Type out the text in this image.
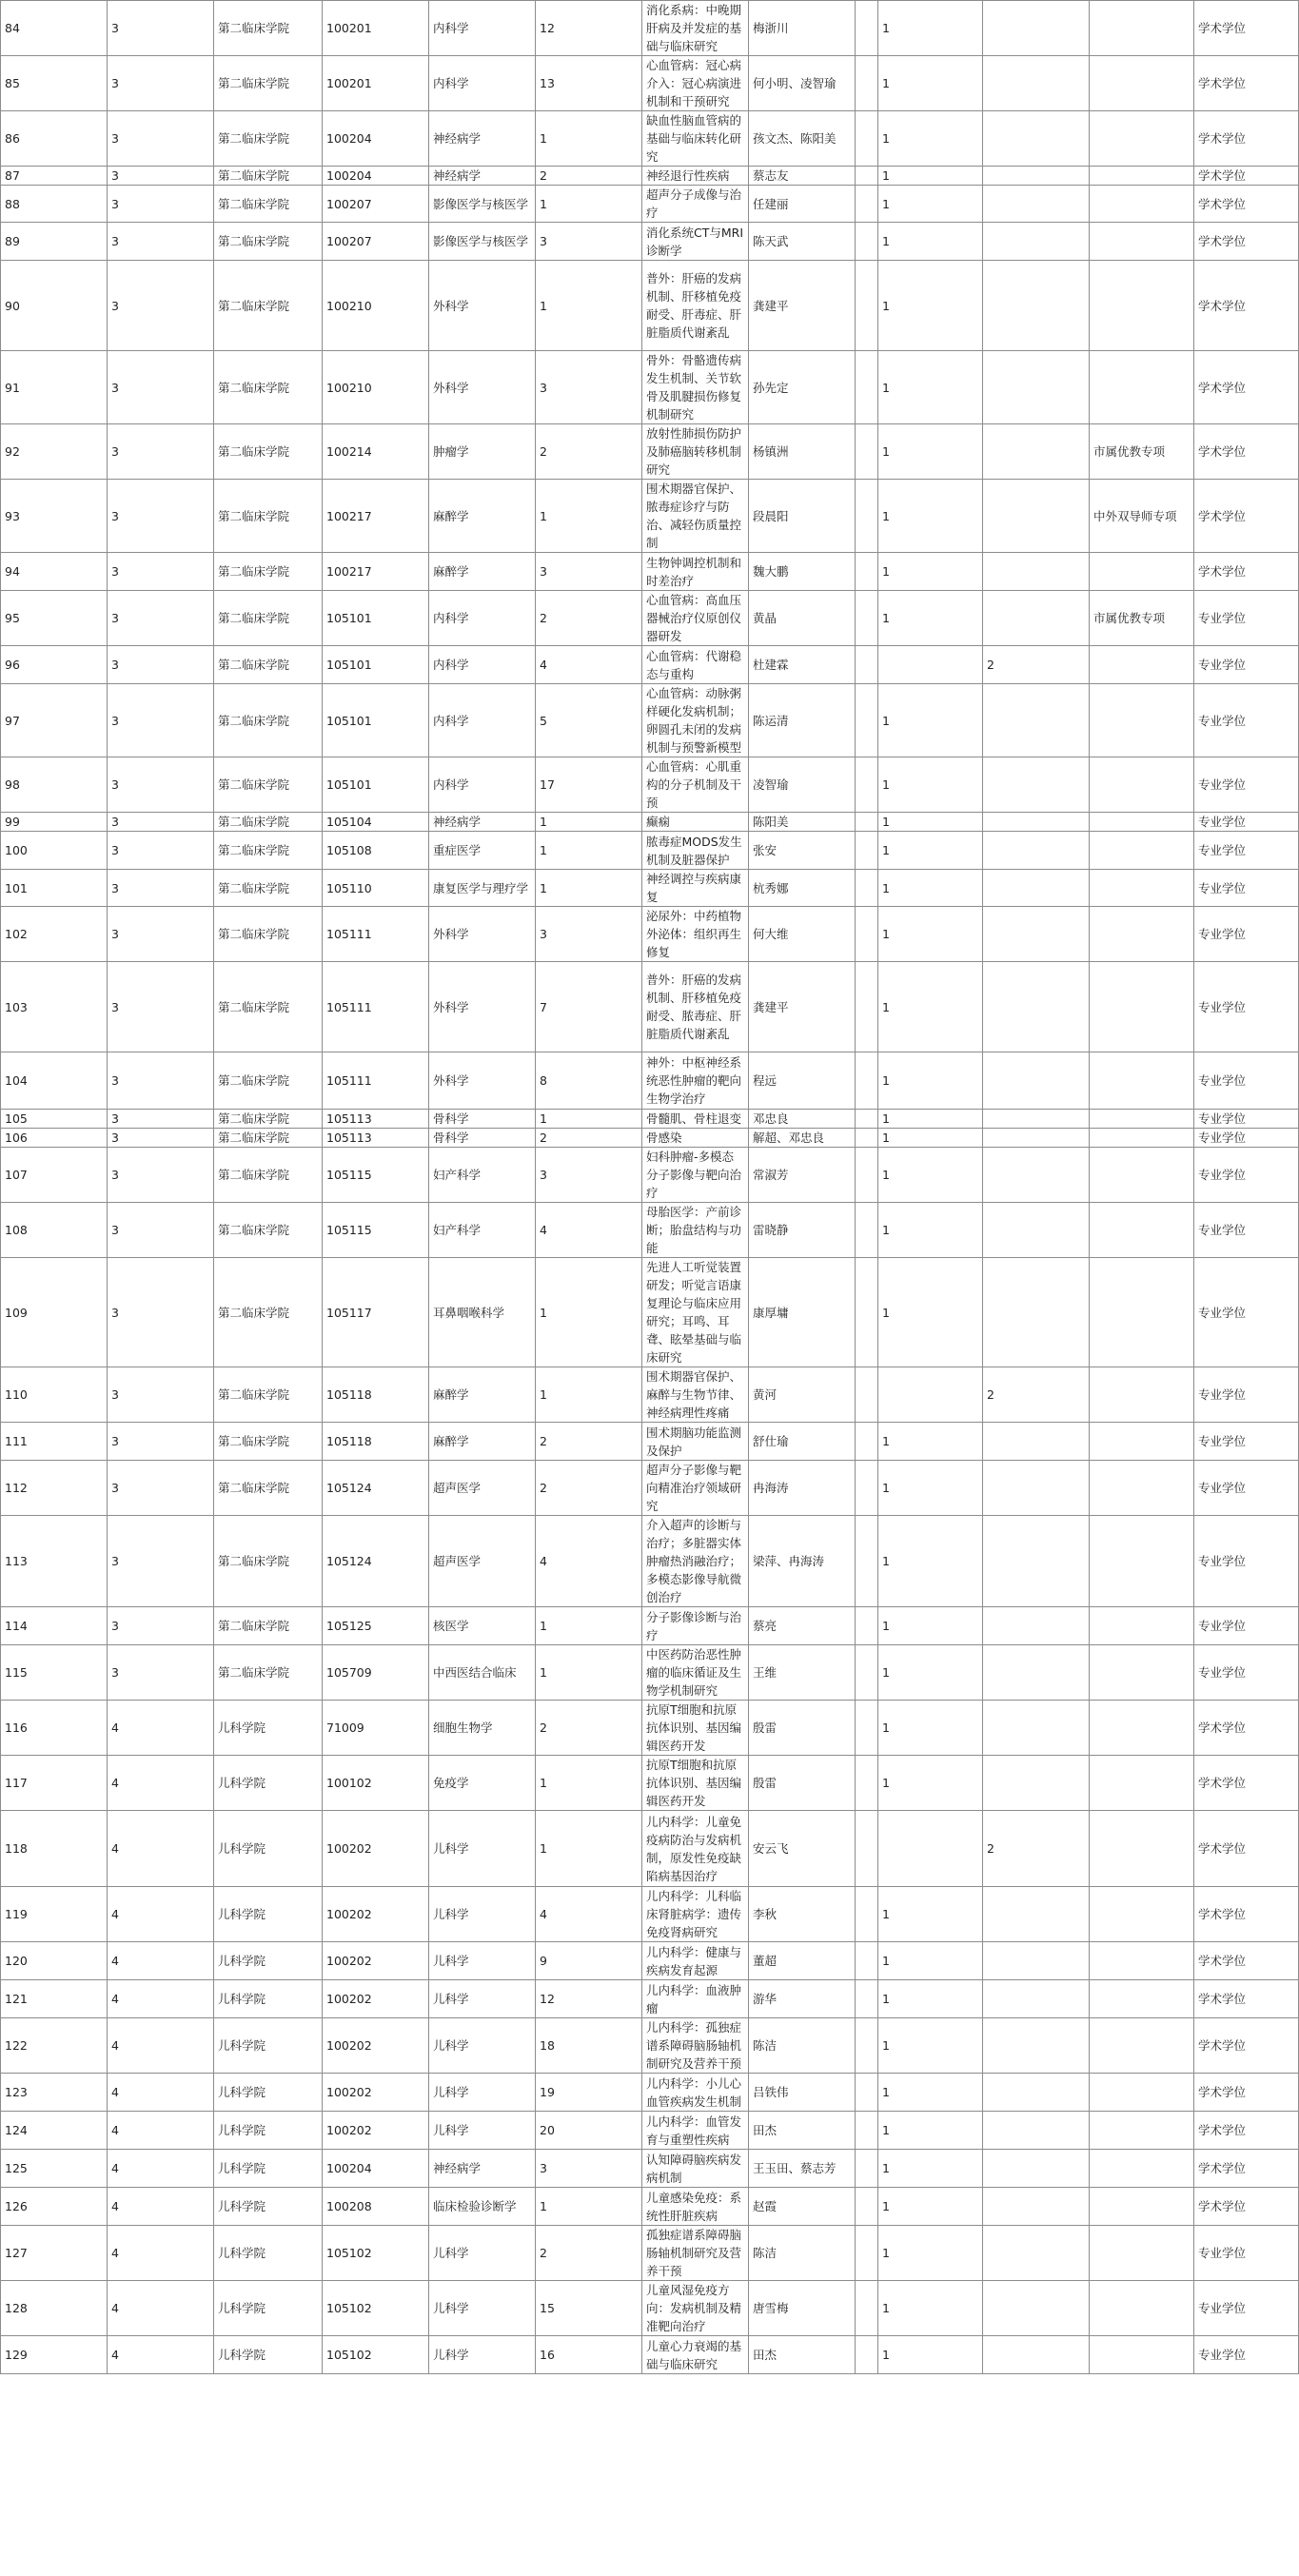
84	3	第二临床学院	100201	内科学	12	消化系病：中晚期肝病及并发症的基础与临床研究	梅浙川		1			学术学位
85	3	第二临床学院	100201	内科学	13	心血管病：冠心病介入：冠心病演进机制和干预研究	何小明、凌智瑜		1			学术学位
86	3	第二临床学院	100204	神经病学	1	缺血性脑血管病的基础与临床转化研究	孩文杰、陈阳美		1			学术学位
87	3	第二临床学院	100204	神经病学	2	神经退行性疾病	蔡志友		1			学术学位
88	3	第二临床学院	100207	影像医学与核医学	1	超声分子成像与治疗	任建丽		1			学术学位
89	3	第二临床学院	100207	影像医学与核医学	3	消化系统CT与MRI诊断学	陈天武		1			学术学位
90	3	第二临床学院	100210	外科学	1	普外：肝癌的发病机制、肝移植免疫耐受、肝毒症、肝脏脂质代谢紊乱	龚建平		1			学术学位
91	3	第二临床学院	100210	外科学	3	骨外：骨骼遗传病发生机制、关节软骨及肌腱损伤修复机制研究	孙先定		1			学术学位
92	3	第二临床学院	100214	肿瘤学	2	放射性肺损伤防护及肺癌脑转移机制研究	杨镇洲		1		市属优教专项	学术学位
93	3	第二临床学院	100217	麻醉学	1	围术期器官保护、脓毒症诊疗与防治、减轻伤质量控制	段晨阳		1		中外双导师专项	学术学位
94	3	第二临床学院	100217	麻醉学	3	生物钟调控机制和时差治疗	魏大鹏		1			学术学位
95	3	第二临床学院	105101	内科学	2	心血管病：高血压器械治疗仪原创仪器研发	黄晶		1		市属优教专项	专业学位
96	3	第二临床学院	105101	内科学	4	心血管病：代谢稳态与重构	杜建霖			2		专业学位
97	3	第二临床学院	105101	内科学	5	心血管病：动脉粥样硬化发病机制；卵圆孔未闭的发病机制与预警新模型	陈运清		1			专业学位
98	3	第二临床学院	105101	内科学	17	心血管病：心肌重构的分子机制及干预	凌智瑜		1			专业学位
99	3	第二临床学院	105104	神经病学	1	癫痫	陈阳美		1			专业学位
100	3	第二临床学院	105108	重症医学	1	脓毒症MODS发生机制及脏器保护	张安		1			专业学位
101	3	第二临床学院	105110	康复医学与理疗学	1	神经调控与疾病康复	杭秀娜		1			专业学位
102	3	第二临床学院	105111	外科学	3	泌尿外：中药植物外泌体：组织再生修复	何大维		1			专业学位
103	3	第二临床学院	105111	外科学	7	普外：肝癌的发病机制、肝移植免疫耐受、脓毒症、肝脏脂质代谢紊乱	龚建平		1			专业学位
104	3	第二临床学院	105111	外科学	8	神外：中枢神经系统恶性肿瘤的靶向生物学治疗	程远		1			专业学位
105	3	第二临床学院	105113	骨科学	1	骨髓肌、骨柱退变	邓忠良		1			专业学位
106	3	第二临床学院	105113	骨科学	2	骨感染	解超、邓忠良		1			专业学位
107	3	第二临床学院	105115	妇产科学	3	妇科肿瘤-多模态分子影像与靶向治疗	常淑芳		1			专业学位
108	3	第二临床学院	105115	妇产科学	4	母胎医学：产前诊断；胎盘结构与功能	雷晓静		1			专业学位
109	3	第二临床学院	105117	耳鼻咽喉科学	1	先进人工听觉装置研发；听觉言语康复理论与临床应用研究；耳鸣、耳聋、眩晕基础与临床研究	康厚墉		1			专业学位
110	3	第二临床学院	105118	麻醉学	1	围术期器官保护、麻醉与生物节律、神经病理性疼痛	黄河			2		专业学位
111	3	第二临床学院	105118	麻醉学	2	围术期脑功能监测及保护	舒仕瑜		1			专业学位
112	3	第二临床学院	105124	超声医学	2	超声分子影像与靶向精准治疗领域研究	冉海涛		1			专业学位
113	3	第二临床学院	105124	超声医学	4	介入超声的诊断与治疗；多脏器实体肿瘤热消融治疗；多模态影像导航微创治疗	梁萍、冉海涛		1			专业学位
114	3	第二临床学院	105125	核医学	1	分子影像诊断与治疗	蔡亮		1			专业学位
115	3	第二临床学院	105709	中西医结合临床	1	中医药防治恶性肿瘤的临床循证及生物学机制研究	王维		1			专业学位
116	4	儿科学院	71009	细胞生物学	2	抗原T细胞和抗原抗体识别、基因编辑医药开发	殷雷		1			学术学位
117	4	儿科学院	100102	免疫学	1	抗原T细胞和抗原抗体识别、基因编辑医药开发	殷雷		1			学术学位
118	4	儿科学院	100202	儿科学	1	儿内科学：儿童免疫病防治与发病机制，原发性免疫缺陷病基因治疗	安云飞			2		学术学位
119	4	儿科学院	100202	儿科学	4	儿内科学：儿科临床肾脏病学：遗传免疫肾病研究	李秋		1			学术学位
120	4	儿科学院	100202	儿科学	9	儿内科学：健康与疾病发育起源	董超		1			学术学位
121	4	儿科学院	100202	儿科学	12	儿内科学：血液肿瘤	游华		1			学术学位
122	4	儿科学院	100202	儿科学	18	儿内科学：孤独症谱系障碍脑肠轴机制研究及营养干预	陈洁		1			学术学位
123	4	儿科学院	100202	儿科学	19	儿内科学：小儿心血管疾病发生机制	吕铁伟		1			学术学位
124	4	儿科学院	100202	儿科学	20	儿内科学：血管发育与重塑性疾病	田杰		1			学术学位
125	4	儿科学院	100204	神经病学	3	认知障碍脑疾病发病机制	王玉田、蔡志芳		1			学术学位
126	4	儿科学院	100208	临床检验诊断学	1	儿童感染免疫：系统性肝脏疾病	赵霞		1			学术学位
127	4	儿科学院	105102	儿科学	2	孤独症谱系障碍脑肠轴机制研究及营养干预	陈洁		1			专业学位
128	4	儿科学院	105102	儿科学	15	儿童风湿免疫方向：发病机制及精准靶向治疗	唐雪梅		1			专业学位
129	4	儿科学院	105102	儿科学	16	儿童心力衰竭的基础与临床研究	田杰		1			专业学位
